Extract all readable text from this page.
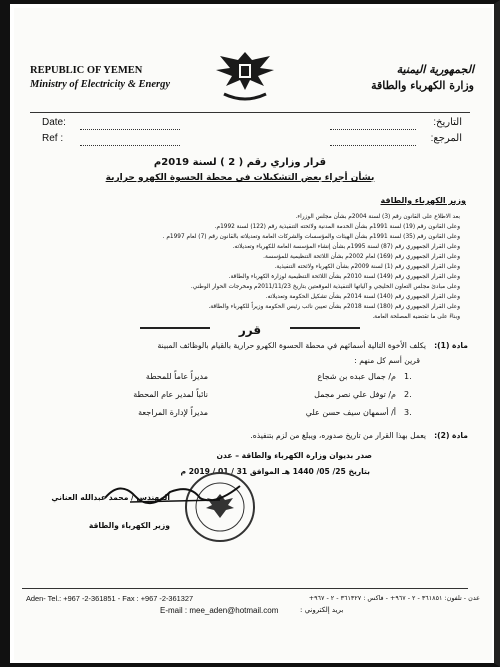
REPUBLIC OF YEMEN
Ministry of Electricity & Energy
الجمهورية اليمنية
وزارة الكهرباء والطاقة
Date:
Ref :
التاريخ:
المرجع:
قرار وزاري رقم ( 2 ) لسنة 2019م
بشأن أجراء بعض التشكيلات في محطة الحسوة الكهرو حرارية
وزير الكهرباء والطاقة
بعد الاطلاع على القانون رقم (3) لسنة 2004م بشأن مجلس الوزراء.
وعلى القانون رقم (19) لسنة 1991م بشأن الخدمة المدنية ولائحته التنفيذية رقم (122) لسنة 1992م.
وعلى القانون رقم (35) لسنة 1991م بشأن الهيئات والمؤسسات والشركات العامة وتعديلاته بالقانون رقم (7) لعام 1997م .
وعلى القرار الجمهوري رقم (87) لسنة 1995م بشأن إنشاء المؤسسة العامة للكهرباء وتعديلاته.
وعلى القرار الجمهوري رقم (169) لعام 2002م بشأن اللائحة التنظيمية للمؤسسة.
وعلى القرار الجمهوري رقم (1) لسنة 2009م بشأن الكهرباء ولائحته التنفيذية.
وعلى القرار الجمهوري رقم (149) لسنة 2010م بشأن اللائحة التنظيمية لوزارة الكهرباء والطاقة.
وعلى مبادئ مجلس التعاون الخليجي و آلياتها التنفيذية الموقعتين بتاريخ 2011/11/23م ومخرجات الحوار الوطني.
وعلى القرار الجمهوري رقم (140) لسنة 2014م بشأن تشكيل الحكومة وتعديلاته.
وعلى القرار الجمهوري رقم (180) لسنة 2018م بشأن تعيين نائب رئيس الحكومة وزيراً للكهرباء والطاقة.
وبناءً على ما تقتضيه المصلحة العامة.
قرر
مادة (1):
يكلف الأخوة التالية أسمائهم في محطة الحسوة الكهرو حرارية بالقيام بالوظائف المبينة
قرين أسم كل منهم :
1.
م/ جمال عبده بن شجاع
مديراً عاماً للمحطة
2.
م/ توفل علي نصر مجمل
نائباً لمدير عام المحطة
3.
أ/ أسمهان سيف حسن علي
مديراً لإدارة المراجعة
مادة (2):
يعمل بهذا القرار من تاريخ صدوره، ويبلغ من لزم بتنفيذه.
صدر بديوان وزارة الكهرباء والطاقة – عدن
بتاريخ 25/ 05/ 1440 هـ الموافق 31 / 01 / 2019 م
المهندس / محمد عبدالله العناني
وزير الكهرباء والطاقة
Aden- Tel.: +967 -2-361851 - Fax : +967 -2-361327	عدن - تلفون: ٣٦١٨٥١ - ٢ - ٩٦٧+ - فاكس : ٣٦١٣٢٧ - ٢ - ٩٦٧+
E-mail : mee_aden@hotmail.com	بريد إلكتروني :
